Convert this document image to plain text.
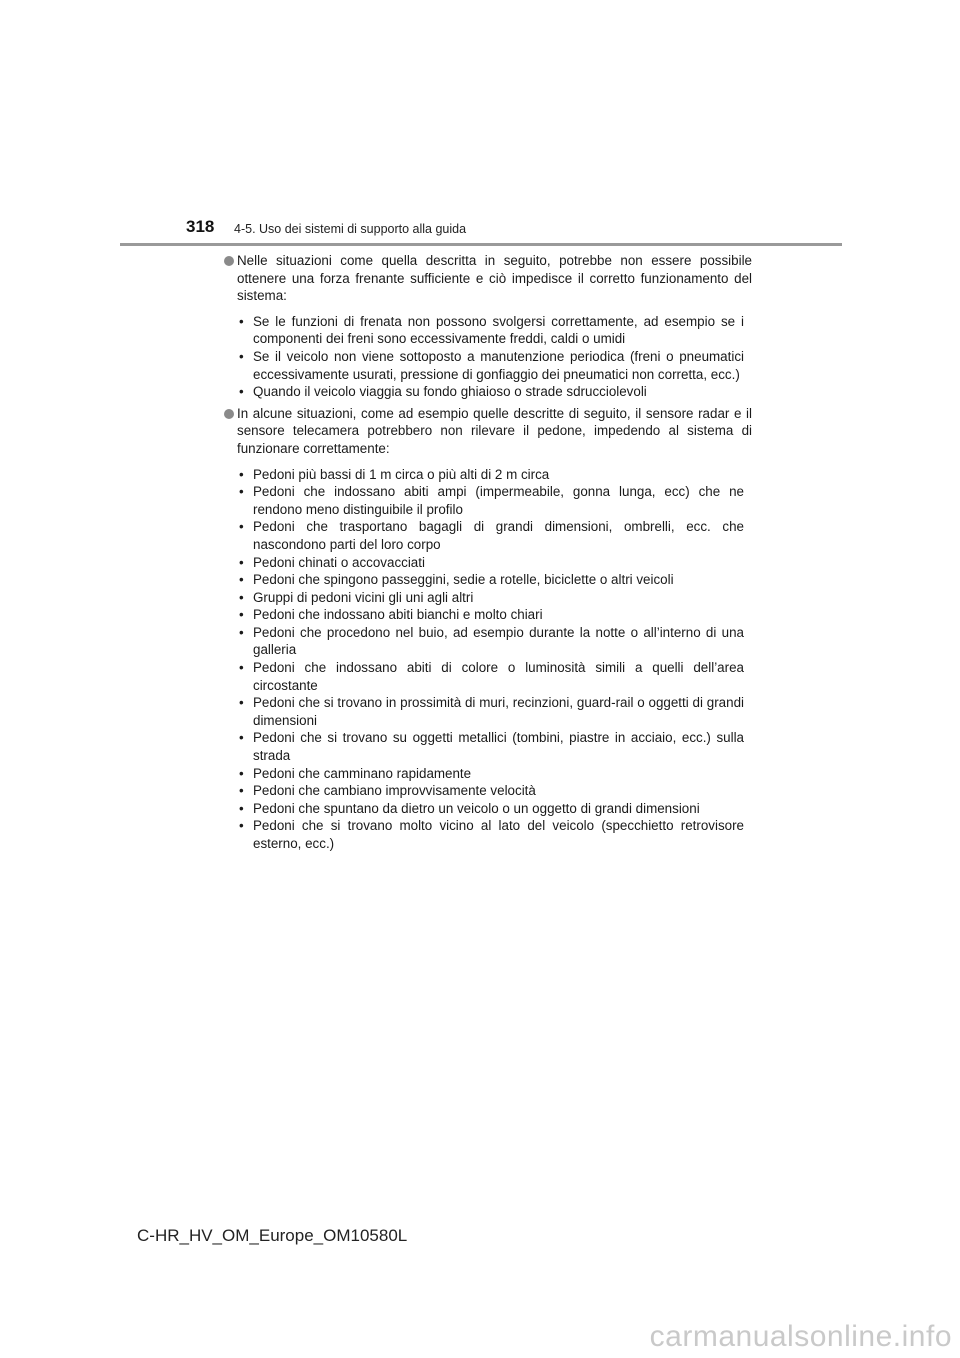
318 4-5. Uso dei sistemi di supporto alla guida
Nelle situazioni come quella descritta in seguito, potrebbe non essere possibile ottenere una forza frenante sufficiente e ciò impedisce il corretto funzionamento del sistema:
• Se le funzioni di frenata non possono svolgersi correttamente, ad esempio se i componenti dei freni sono eccessivamente freddi, caldi o umidi
• Se il veicolo non viene sottoposto a manutenzione periodica (freni o pneumatici eccessivamente usurati, pressione di gonfiaggio dei pneumatici non corretta, ecc.)
• Quando il veicolo viaggia su fondo ghiaioso o strade sdrucciolevoli
In alcune situazioni, come ad esempio quelle descritte di seguito, il sensore radar e il sensore telecamera potrebbero non rilevare il pedone, impedendo al sistema di funzionare correttamente:
• Pedoni più bassi di 1 m circa o più alti di 2 m circa
• Pedoni che indossano abiti ampi (impermeabile, gonna lunga, ecc) che ne rendono meno distinguibile il profilo
• Pedoni che trasportano bagagli di grandi dimensioni, ombrelli, ecc. che nascondono parti del loro corpo
• Pedoni chinati o accovacciati
• Pedoni che spingono passeggini, sedie a rotelle, biciclette o altri veicoli
• Gruppi di pedoni vicini gli uni agli altri
• Pedoni che indossano abiti bianchi e molto chiari
• Pedoni che procedono nel buio, ad esempio durante la notte o all’interno di una galleria
• Pedoni che indossano abiti di colore o luminosità simili a quelli dell’area circostante
• Pedoni che si trovano in prossimità di muri, recinzioni, guard-rail o oggetti di grandi dimensioni
• Pedoni che si trovano su oggetti metallici (tombini, piastre in acciaio, ecc.) sulla strada
• Pedoni che camminano rapidamente
• Pedoni che cambiano improvvisamente velocità
• Pedoni che spuntano da dietro un veicolo o un oggetto di grandi dimensioni
• Pedoni che si trovano molto vicino al lato del veicolo (specchietto retrovisore esterno, ecc.)
C-HR_HV_OM_Europe_OM10580L
carmanualsonline.info
